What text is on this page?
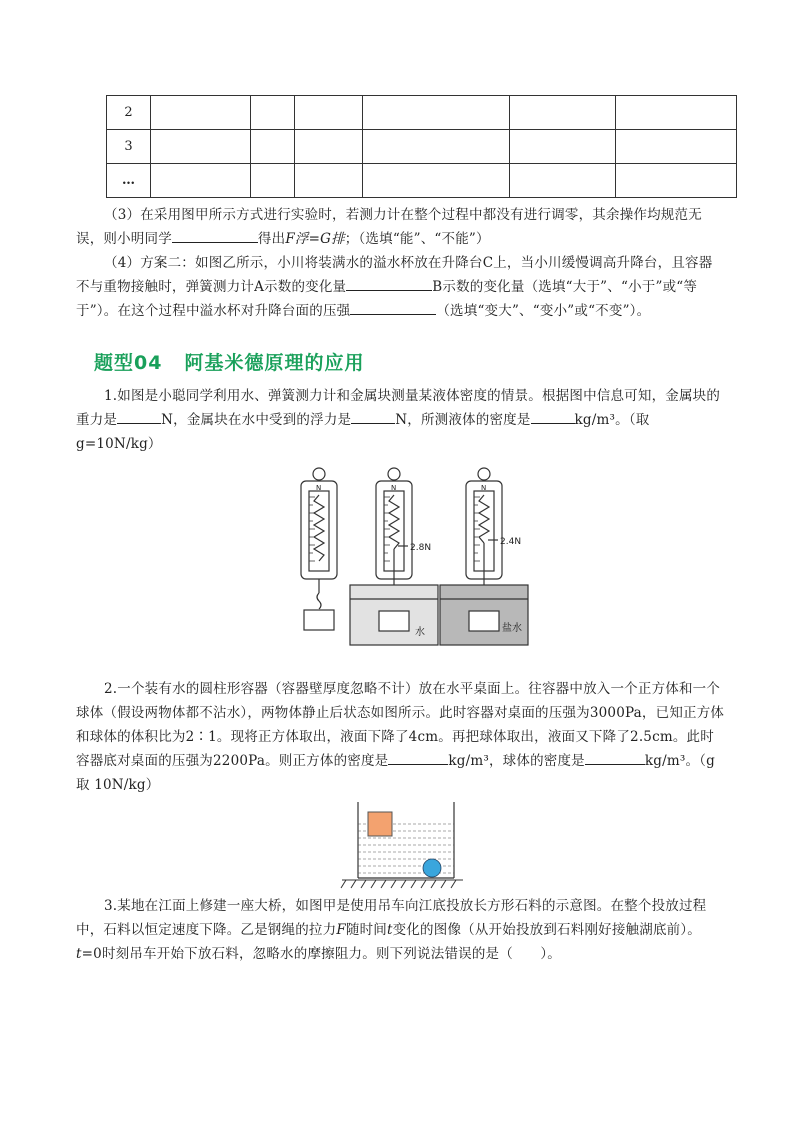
2						
3						
…						
（3）在采用图甲所示方式进行实验时，若测力计在整个过程中都没有进行调零，其余操作均规范无误，则小明同学	得出F浮=G排；（选填“能”、“不能”）
（4）方案二：如图乙所示，小川将装满水的溢水杯放在升降台C上，当小川缓慢调高升降台，且容器不与重物接触时，弹簧测力计A示数的变化量	B示数的变化量（选填“大于”、“小于”或“等于”）。在这个过程中溢水杯对升降台面的压强	（选填“变大”、“变小”或“不变”）。
题型04 阿基米德原理的应用
1.如图是小聪同学利用水、弹簧测力计和金属块测量某液体密度的情景。根据图中信息可知，金属块的重力是	N，金属块在水中受到的浮力是	N，所测液体的密度是	kg/m³。（取 g=10N/kg）
2.8N
2.4N
水	盐水
N	N	N
2.一个装有水的圆柱形容器（容器壁厚度忽略不计）放在水平桌面上。往容器中放入一个正方体和一个球体（假设两物体都不沾水），两物体静止后状态如图所示。此时容器对桌面的压强为3000Pa，已知正方体和球体的体积比为2∶1。现将正方体取出，液面下降了4cm。再把球体取出，液面又下降了2.5cm。此时容器底对桌面的压强为2200Pa。则正方体的密度是	kg/m³，球体的密度是	kg/m³。（g取 10N/kg）
3.某地在江面上修建一座大桥，如图甲是使用吊车向江底投放长方形石料的示意图。在整个投放过程中，石料以恒定速度下降。乙是钢绳的拉力F随时间t变化的图像（从开始投放到石料刚好接触湖底前）。t=0时刻吊车开始下放石料，忽略水的摩擦阻力。则下列说法错误的是（　　）。
